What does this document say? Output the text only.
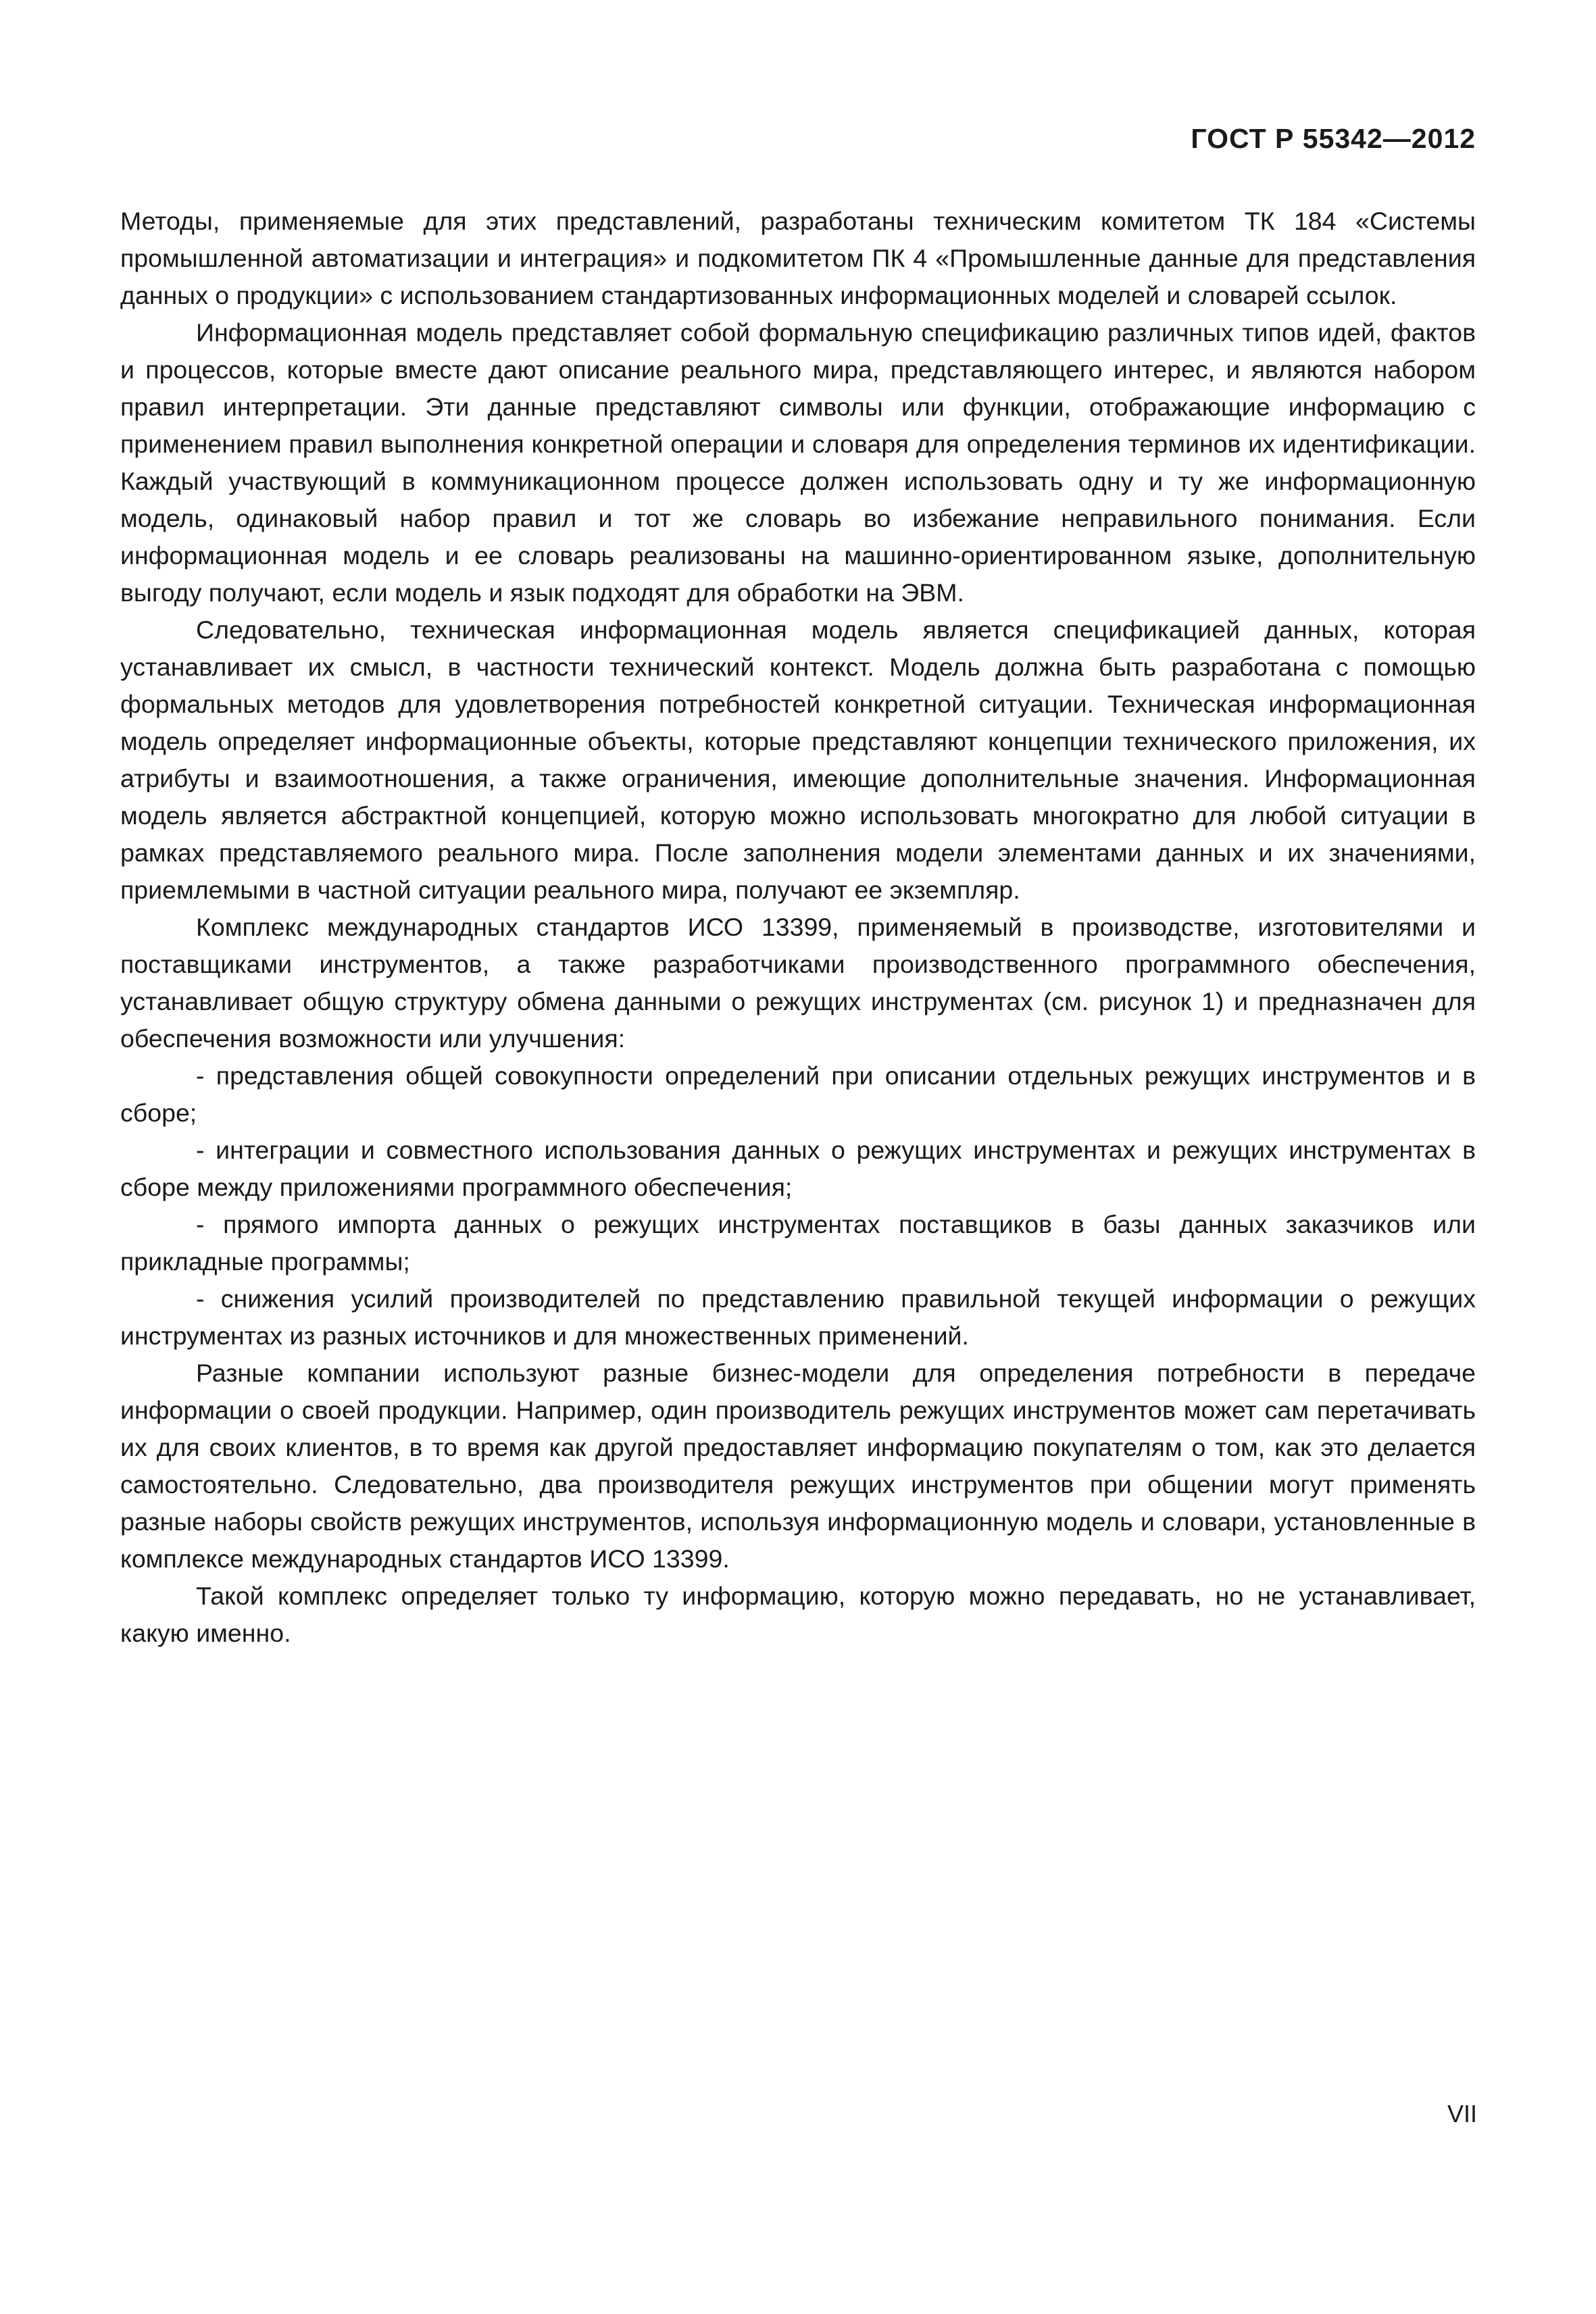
ГОСТ Р 55342—2012

Методы, применяемые для этих представлений, разработаны техническим комитетом ТК 184 «Системы промышленной автоматизации и интеграция» и подкомитетом ПК 4 «Промышленные данные для представления данных о продукции» с использованием стандартизованных информационных моделей и словарей ссылок.

Информационная модель представляет собой формальную спецификацию различных типов идей, фактов и процессов, которые вместе дают описание реального мира, представляющего интерес, и являются набором правил интерпретации. Эти данные представляют символы или функции, отображающие информацию с применением правил выполнения конкретной операции и словаря для определения терминов их идентификации. Каждый участвующий в коммуникационном процессе должен использовать одну и ту же информационную модель, одинаковый набор правил и тот же словарь во избежание неправильного понимания. Если информационная модель и ее словарь реализованы на машинно-ориентированном языке, дополнительную выгоду получают, если модель и язык подходят для обработки на ЭВМ.

Следовательно, техническая информационная модель является спецификацией данных, которая устанавливает их смысл, в частности технический контекст. Модель должна быть разработана с помощью формальных методов для удовлетворения потребностей конкретной ситуации. Техническая информационная модель определяет информационные объекты, которые представляют концепции технического приложения, их атрибуты и взаимоотношения, а также ограничения, имеющие дополнительные значения. Информационная модель является абстрактной концепцией, которую можно использовать многократно для любой ситуации в рамках представляемого реального мира. После заполнения модели элементами данных и их значениями, приемлемыми в частной ситуации реального мира, получают ее экземпляр.

Комплекс международных стандартов ИСО 13399, применяемый в производстве, изготовителями и поставщиками инструментов, а также разработчиками производственного программного обеспечения, устанавливает общую структуру обмена данными о режущих инструментах (см. рисунок 1) и предназначен для обеспечения возможности или улучшения:

- представления общей совокупности определений при описании отдельных режущих инструментов и в сборе;

- интеграции и совместного использования данных о режущих инструментах и режущих инструментах в сборе между приложениями программного обеспечения;

- прямого импорта данных о режущих инструментах поставщиков в базы данных заказчиков или прикладные программы;

- снижения усилий производителей по представлению правильной текущей информации о режущих инструментах из разных источников и для множественных применений.

Разные компании используют разные бизнес-модели для определения потребности в передаче информации о своей продукции. Например, один производитель режущих инструментов может сам перетачивать их для своих клиентов, в то время как другой предоставляет информацию покупателям о том, как это делается самостоятельно. Следовательно, два производителя режущих инструментов при общении могут применять разные наборы свойств режущих инструментов, используя информационную модель и словари, установленные в комплексе международных стандартов ИСО 13399.

Такой комплекс определяет только ту информацию, которую можно передавать, но не устанавливает, какую именно.

VII
